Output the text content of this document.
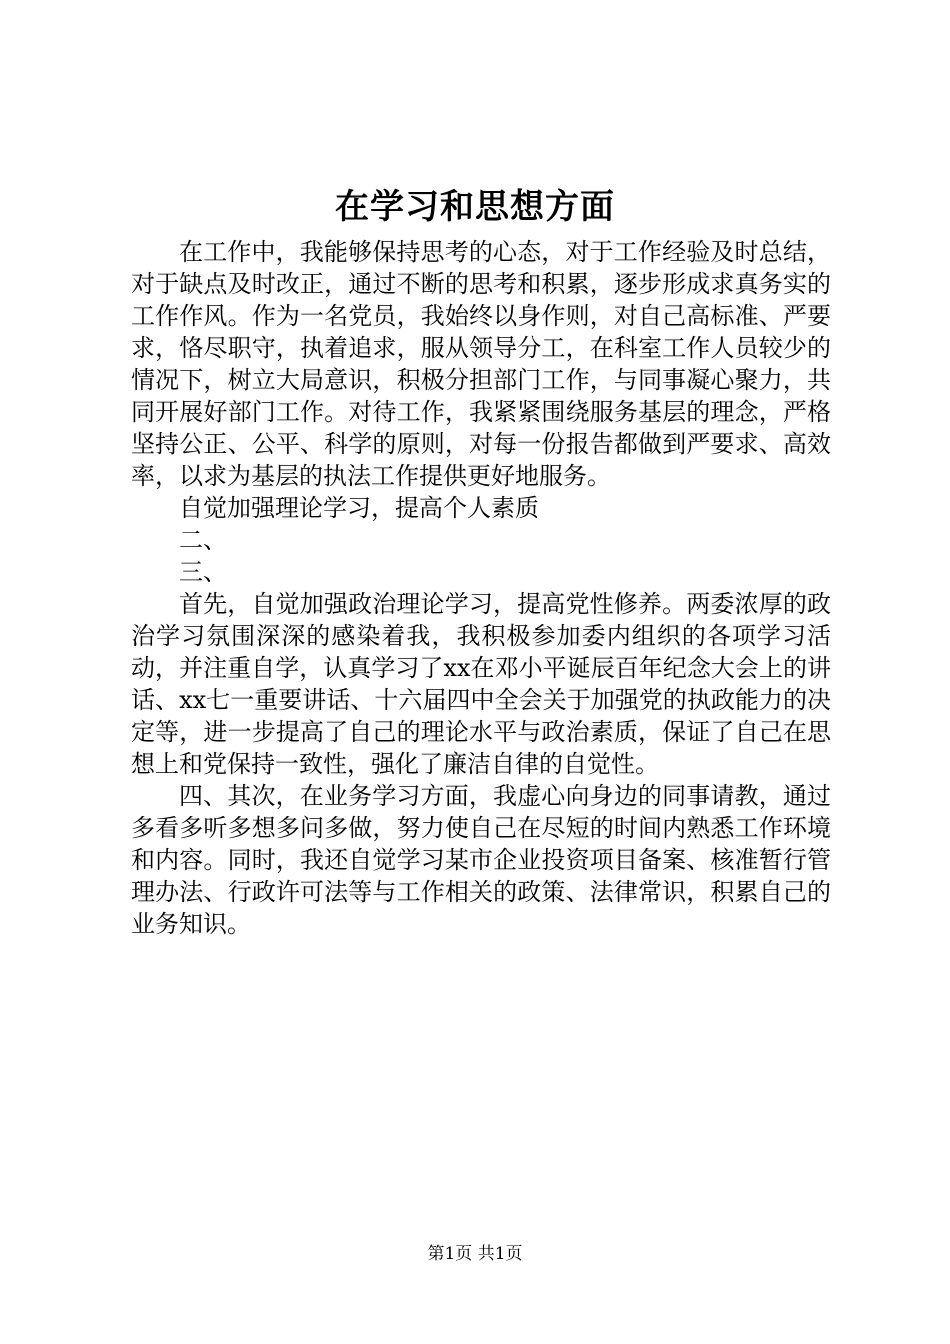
在学习和思想方面

在工作中，我能够保持思考的心态，对于工作经验及时总结，对于缺点及时改正，通过不断的思考和积累，逐步形成求真务实的工作作风。作为一名党员，我始终以身作则，对自己高标准、严要求，恪尽职守，执着追求，服从领导分工，在科室工作人员较少的情况下，树立大局意识，积极分担部门工作，与同事凝心聚力，共同开展好部门工作。对待工作，我紧紧围绕服务基层的理念，严格坚持公正、公平、科学的原则，对每一份报告都做到严要求、高效率，以求为基层的执法工作提供更好地服务。

自觉加强理论学习，提高个人素质

二、

三、

首先，自觉加强政治理论学习，提高党性修养。两委浓厚的政治学习氛围深深的感染着我，我积极参加委内组织的各项学习活动，并注重自学，认真学习了xx在邓小平诞辰百年纪念大会上的讲话、xx七一重要讲话、十六届四中全会关于加强党的执政能力的决定等，进一步提高了自己的理论水平与政治素质，保证了自己在思想上和党保持一致性，强化了廉洁自律的自觉性。

四、其次，在业务学习方面，我虚心向身边的同事请教，通过多看多听多想多问多做，努力使自己在尽短的时间内熟悉工作环境和内容。同时，我还自觉学习某市企业投资项目备案、核准暂行管理办法、行政许可法等与工作相关的政策、法律常识，积累自己的业务知识。

第1页 共1页
